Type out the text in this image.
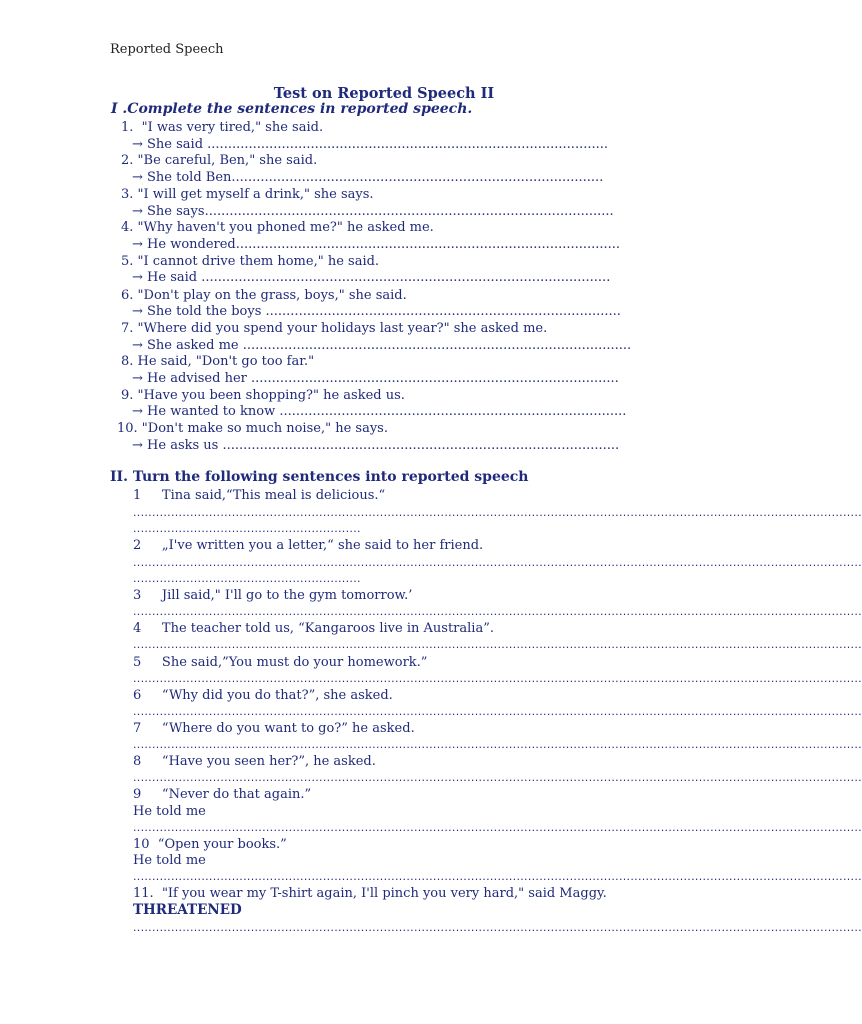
Reported Speech
Test on Reported Speech II
I .Complete the sentences in reported speech.
1.  "I was very tired," she said.
→ She said .................................................................................................
2. "Be careful, Ben," she said.
→ She told Ben..........................................................................................
3. "I will get myself a drink," she says.
→ She says...................................................................................................
4. "Why haven't you phoned me?" he asked me.
→ He wondered.............................................................................................
5. "I cannot drive them home," he said.
→ He said ...................................................................................................
6. "Don't play on the grass, boys," she said.
→ She told the boys ......................................................................................
7. "Where did you spend your holidays last year?" she asked me.
→ She asked me ..............................................................................................
8. He said, "Don't go too far."
→ He advised her .........................................................................................
9. "Have you been shopping?" he asked us.
→ He wanted to know ....................................................................................
10. "Don't make so much noise," he says.
→ He asks us ................................................................................................
II. Turn the following sentences into reported speech
1     Tina said,“This meal is delicious.“
................................................................................................................................................................................................
............................................................
2     „I've written you a letter,“ she said to her friend.
................................................................................................................................................................................................
............................................................
3     Jill said," I'll go to the gym tomorrow.’
................................................................................................................................................................................................
4     The teacher told us, “Kangaroos live in Australia”.
................................................................................................................................................................................................
5     She said,”You must do your homework.”
................................................................................................................................................................................................
6     “Why did you do that?”, she asked.
................................................................................................................................................................................................
7     “Where do you want to go?” he asked.
................................................................................................................................................................................................
8     “Have you seen her?”, he asked.
................................................................................................................................................................................................
9     “Never do that again.”
He told me
................................................................................................................................................................................................
10  “Open your books.”
He told me
................................................................................................................................................................................................
11.  "If you wear my T-shirt again, I'll pinch you very hard," said Maggy.
THREATENED
................................................................................................................................................................................................
